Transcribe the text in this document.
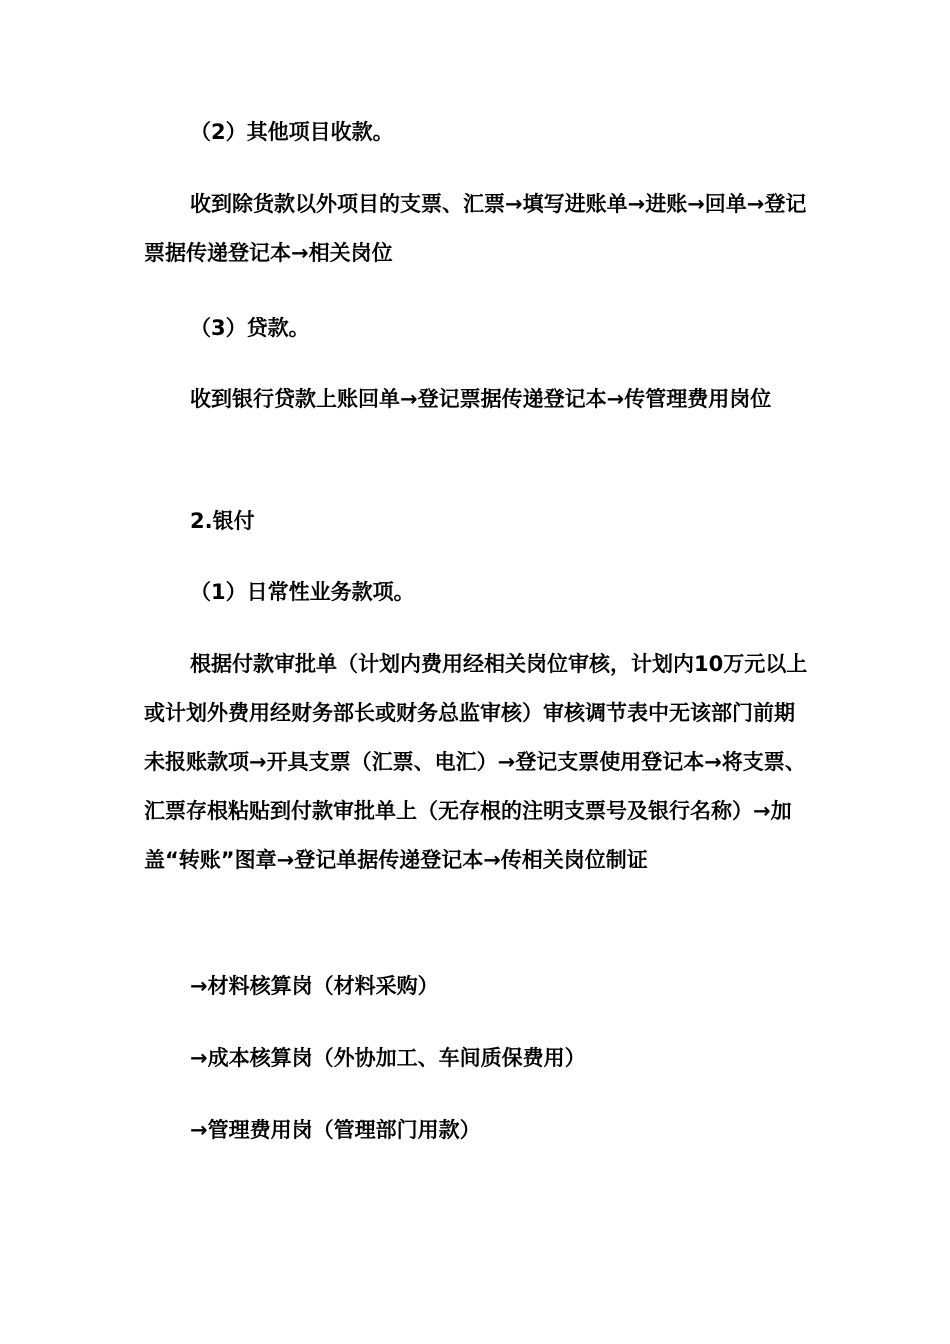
（2）其他项目收款。

收到除货款以外项目的支票、汇票→填写进账单→进账→回单→登记票据传递登记本→相关岗位

（3）贷款。

收到银行贷款上账回单→登记票据传递登记本→传管理费用岗位

2.银付

（1）日常性业务款项。

根据付款审批单（计划内费用经相关岗位审核，计划内10万元以上或计划外费用经财务部长或财务总监审核）审核调节表中无该部门前期未报账款项→开具支票（汇票、电汇）→登记支票使用登记本→将支票、汇票存根粘贴到付款审批单上（无存根的注明支票号及银行名称）→加盖“转账”图章→登记单据传递登记本→传相关岗位制证

→材料核算岗（材料采购）

→成本核算岗（外协加工、车间质保费用）

→管理费用岗（管理部门用款）
